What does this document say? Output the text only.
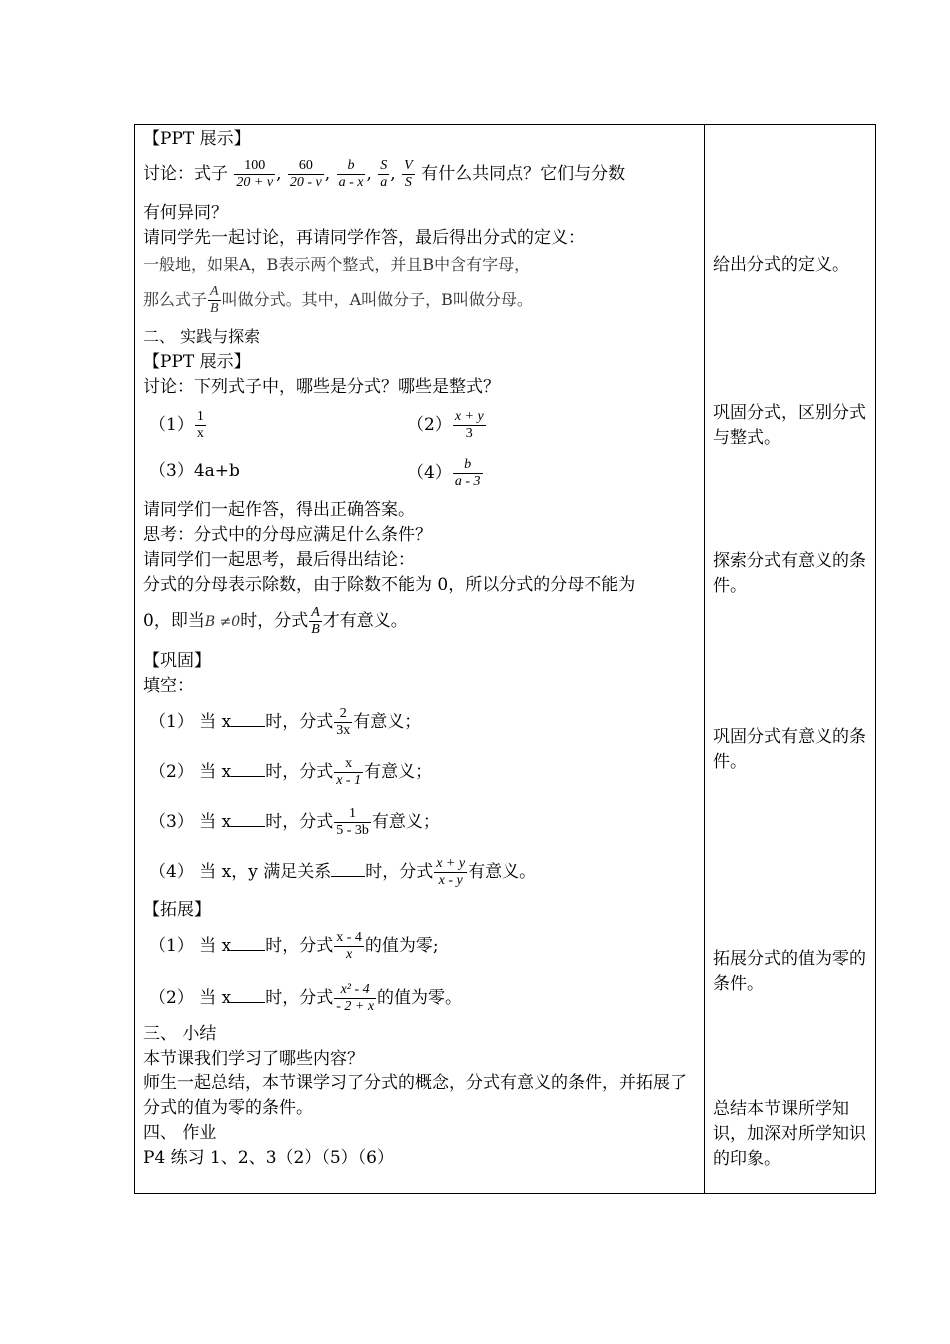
【PPT 展示】
讨论：式子 $\frac{100}{20 + v}$ , $\frac{60}{20 - v}$ , $\frac{b}{a - x}$ , $\frac{S}{a}$ , $\frac{V}{S}$ 有什么共同点？它们与分数
有何异同？
请同学先一起讨论，再请同学作答，最后得出分式的定义：
一般地，如果A，B表示两个整式，并且B中含有字母，
那么式子 $\frac{A}{B}$ 叫做分式。其中，A叫做分子，B叫做分母。
二、 实践与探索
【PPT 展示】
讨论：下列式子中，哪些是分式？哪些是整式？
$(1) \frac{1}{x}$	$(2) \frac{x + y}{3}$
（3）4a+b	$(4) \frac{b}{a - 3}$
请同学们一起作答，得出正确答案。
思考：分式中的分母应满足什么条件？
请同学们一起思考，最后得出结论：
分式的分母表示除数，由于除数不能为 0，所以分式的分母不能为
0，即当B ≠0时，分式 $\frac{A}{B}$ 才有意义。
【巩固】
填空：
（1） 当 x 时，分式 $\frac{2}{3x}$ 有意义；
（2） 当 x 时，分式 $\frac{x}{x - 1}$ 有意义；
（3） 当 x 时，分式 $\frac{1}{5 - 3b}$ 有意义；
（4） 当 x，y 满足关系 时，分式 $\frac{x + y}{x - y}$ 有意义。
【拓展】
（1） 当 x 时，分式 $\frac{x - 4}{x}$ 的值为零;
（2） 当 x 时，分式 $\frac{\text{x² - 4}}{- 2 + x}$ 的值为零。
三、 小结
本节课我们学习了哪些内容？
师生一起总结，本节课学习了分式的概念，分式有意义的条件，并拓展了分式的值为零的条件。
四、 作业
P4 练习 1、2、3（2）（5）（6）
给出分式的定义。
巩固分式，区别分式与整式。
探索分式有意义的条件。
巩固分式有意义的条件。
拓展分式的值为零的条件。
总结本节课所学知识，加深对所学知识的印象。
